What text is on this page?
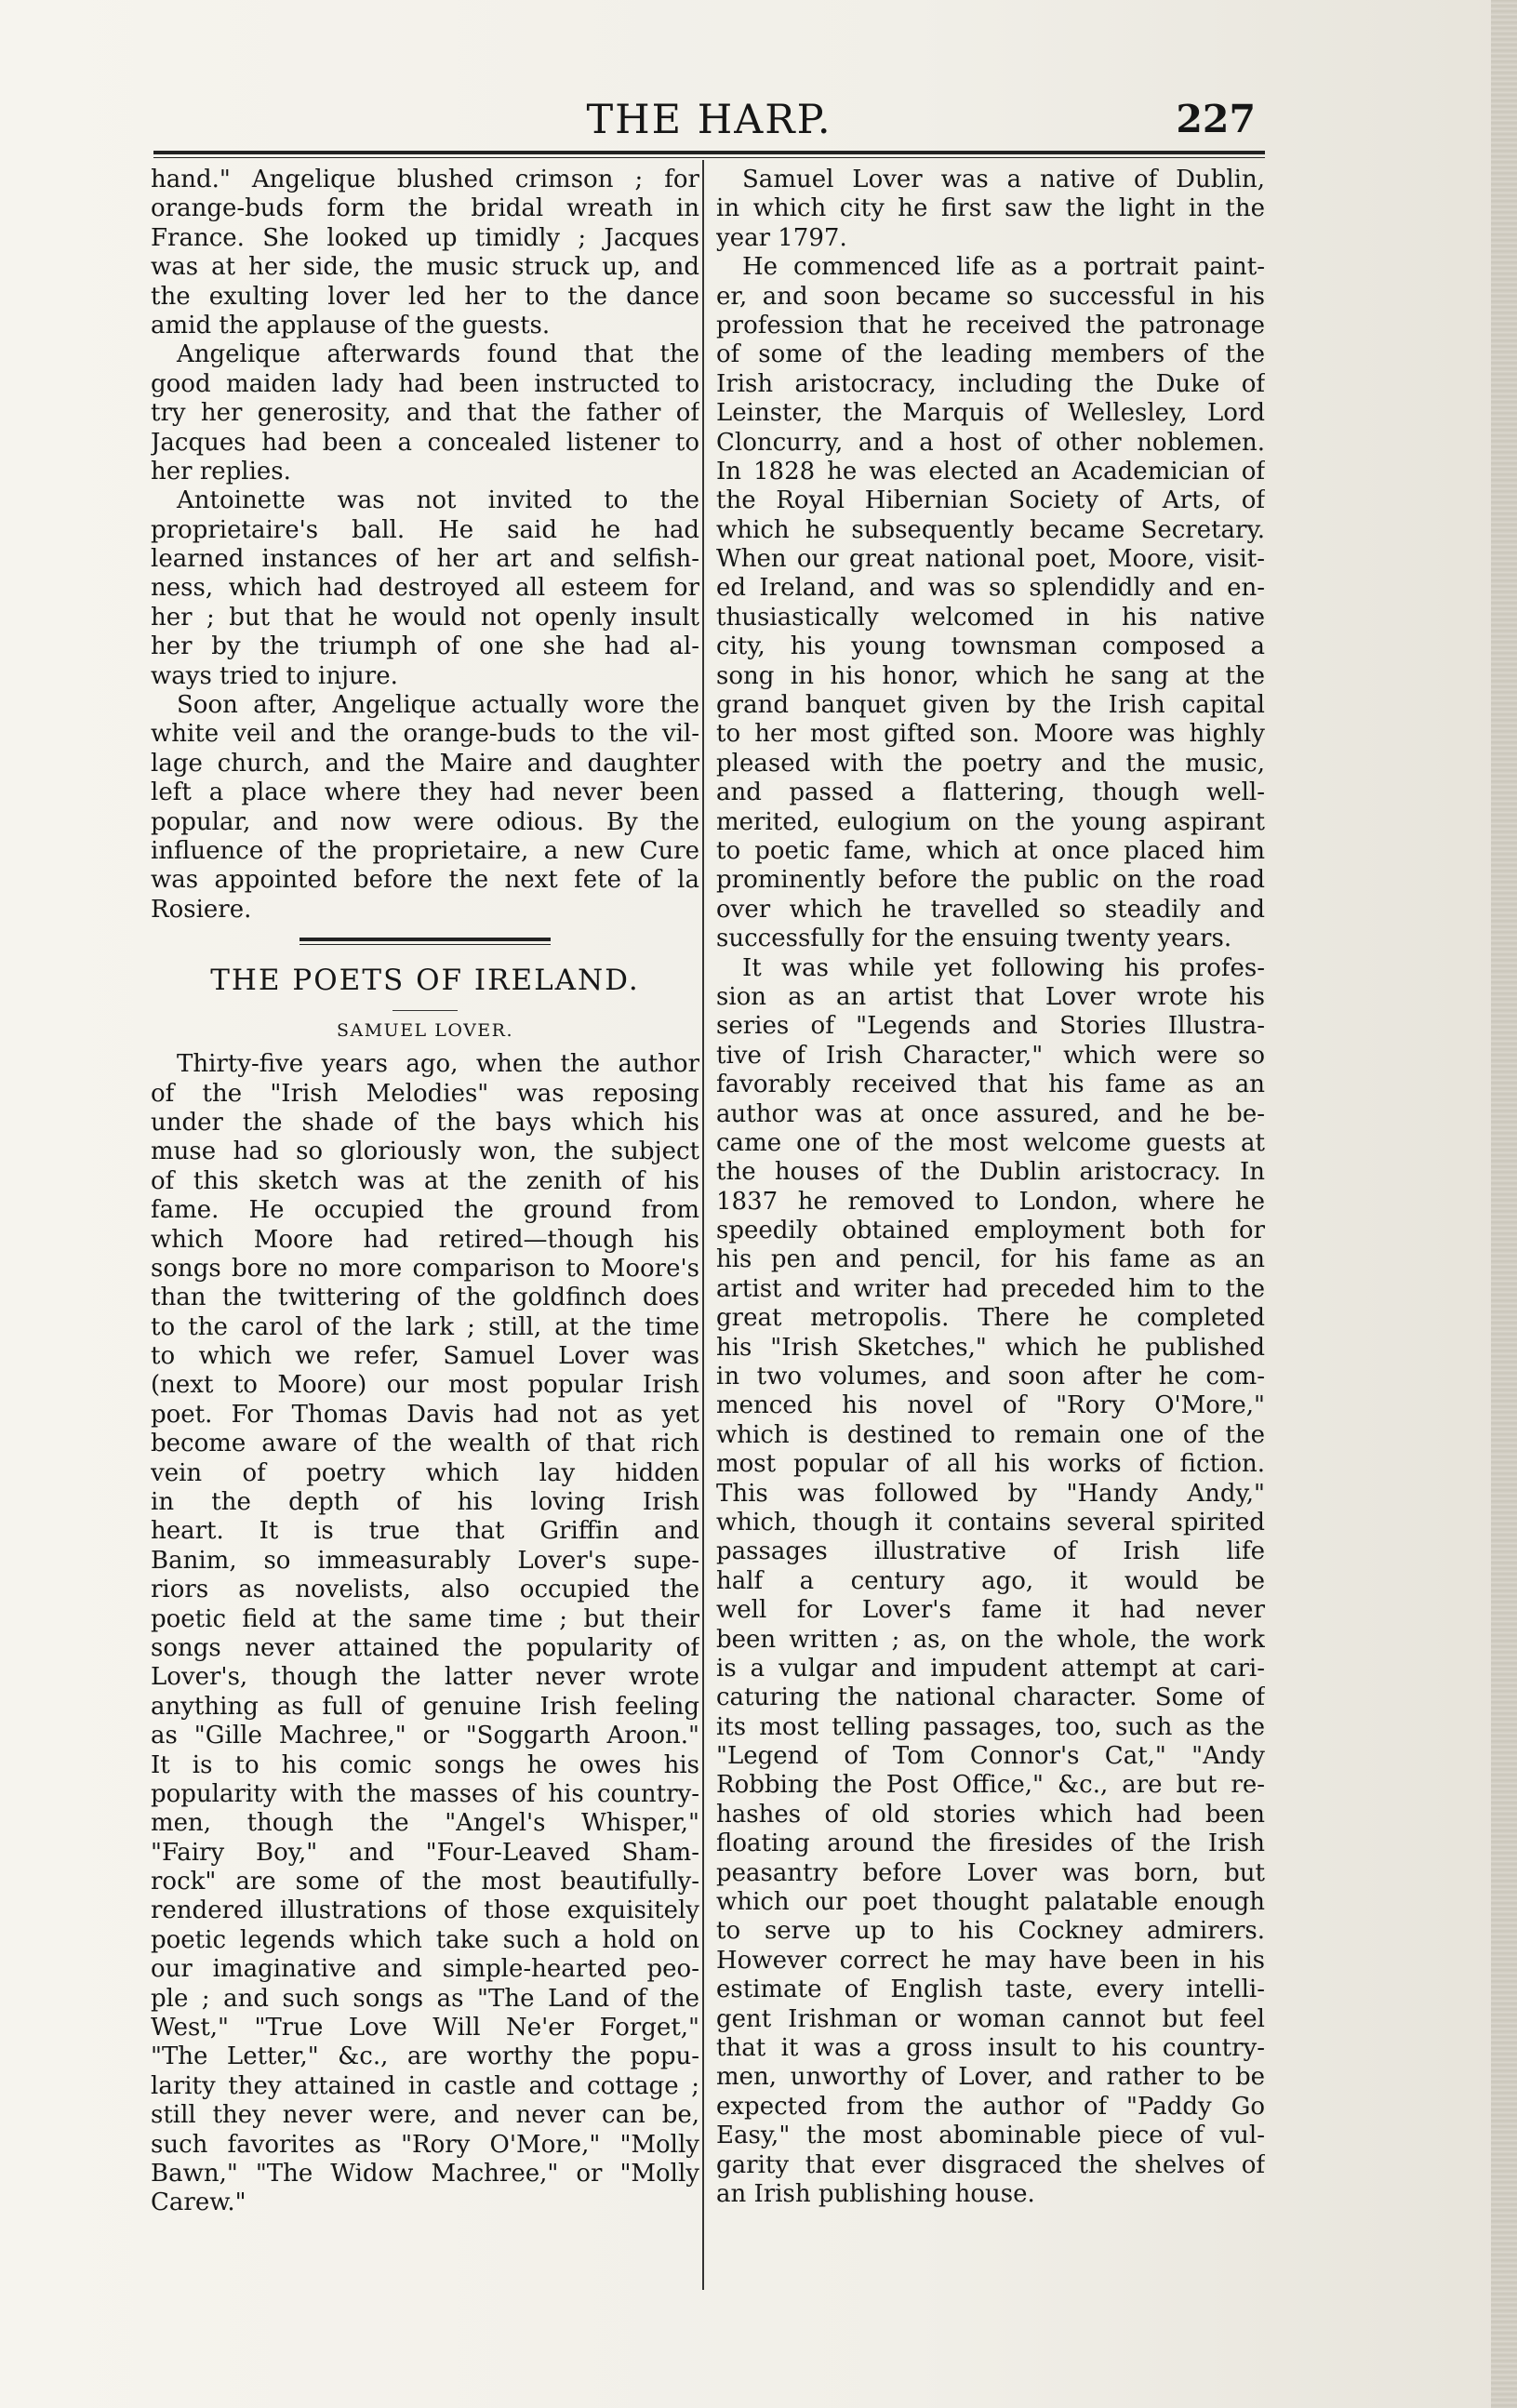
THE HARP.	227
hand." Angelique blushed crimson ; for
orange-buds form the bridal wreath in
France. She looked up timidly ; Jacques
was at her side, the music struck up, and
the exulting lover led her to the dance
amid the applause of the guests.
Angelique afterwards found that the
good maiden lady had been instructed to
try her generosity, and that the father of
Jacques had been a concealed listener to
her replies.
Antoinette was not invited to the
proprietaire's ball. He said he had
learned instances of her art and selfish-
ness, which had destroyed all esteem for
her ; but that he would not openly insult
her by the triumph of one she had al-
ways tried to injure.
Soon after, Angelique actually wore the
white veil and the orange-buds to the vil-
lage church, and the Maire and daughter
left a place where they had never been
popular, and now were odious. By the
influence of the proprietaire, a new Cure
was appointed before the next fete of la
Rosiere.
THE POETS OF IRELAND.
SAMUEL LOVER.
Thirty-five years ago, when the author
of the "Irish Melodies" was reposing
under the shade of the bays which his
muse had so gloriously won, the subject
of this sketch was at the zenith of his
fame. He occupied the ground from
which Moore had retired—though his
songs bore no more comparison to Moore's
than the twittering of the goldfinch does
to the carol of the lark ; still, at the time
to which we refer, Samuel Lover was
(next to Moore) our most popular Irish
poet. For Thomas Davis had not as yet
become aware of the wealth of that rich
vein of poetry which lay hidden
in the depth of his loving Irish
heart. It is true that Griffin and
Banim, so immeasurably Lover's supe-
riors as novelists, also occupied the
poetic field at the same time ; but their
songs never attained the popularity of
Lover's, though the latter never wrote
anything as full of genuine Irish feeling
as "Gille Machree," or "Soggarth Aroon."
It is to his comic songs he owes his
popularity with the masses of his country-
men, though the "Angel's Whisper,"
"Fairy Boy," and "Four-Leaved Sham-
rock" are some of the most beautifully-
rendered illustrations of those exquisitely
poetic legends which take such a hold on
our imaginative and simple-hearted peo-
ple ; and such songs as "The Land of the
West," "True Love Will Ne'er Forget,"
"The Letter," &c., are worthy the popu-
larity they attained in castle and cottage ;
still they never were, and never can be,
such favorites as "Rory O'More," "Molly
Bawn," "The Widow Machree," or "Molly
Carew."
Samuel Lover was a native of Dublin,
in which city he first saw the light in the
year 1797.
He commenced life as a portrait paint-
er, and soon became so successful in his
profession that he received the patronage
of some of the leading members of the
Irish aristocracy, including the Duke of
Leinster, the Marquis of Wellesley, Lord
Cloncurry, and a host of other noblemen.
In 1828 he was elected an Academician of
the Royal Hibernian Society of Arts, of
which he subsequently became Secretary.
When our great national poet, Moore, visit-
ed Ireland, and was so splendidly and en-
thusiastically welcomed in his native
city, his young townsman composed a
song in his honor, which he sang at the
grand banquet given by the Irish capital
to her most gifted son. Moore was highly
pleased with the poetry and the music,
and passed a flattering, though well-
merited, eulogium on the young aspirant
to poetic fame, which at once placed him
prominently before the public on the road
over which he travelled so steadily and
successfully for the ensuing twenty years.
It was while yet following his profes-
sion as an artist that Lover wrote his
series of "Legends and Stories Illustra-
tive of Irish Character," which were so
favorably received that his fame as an
author was at once assured, and he be-
came one of the most welcome guests at
the houses of the Dublin aristocracy. In
1837 he removed to London, where he
speedily obtained employment both for
his pen and pencil, for his fame as an
artist and writer had preceded him to the
great metropolis. There he completed
his "Irish Sketches," which he published
in two volumes, and soon after he com-
menced his novel of "Rory O'More,"
which is destined to remain one of the
most popular of all his works of fiction.
This was followed by "Handy Andy,"
which, though it contains several spirited
passages illustrative of Irish life
half a century ago, it would be
well for Lover's fame it had never
been written ; as, on the whole, the work
is a vulgar and impudent attempt at cari-
caturing the national character. Some of
its most telling passages, too, such as the
"Legend of Tom Connor's Cat," "Andy
Robbing the Post Office," &c., are but re-
hashes of old stories which had been
floating around the firesides of the Irish
peasantry before Lover was born, but
which our poet thought palatable enough
to serve up to his Cockney admirers.
However correct he may have been in his
estimate of English taste, every intelli-
gent Irishman or woman cannot but feel
that it was a gross insult to his country-
men, unworthy of Lover, and rather to be
expected from the author of "Paddy Go
Easy," the most abominable piece of vul-
garity that ever disgraced the shelves of
an Irish publishing house.
